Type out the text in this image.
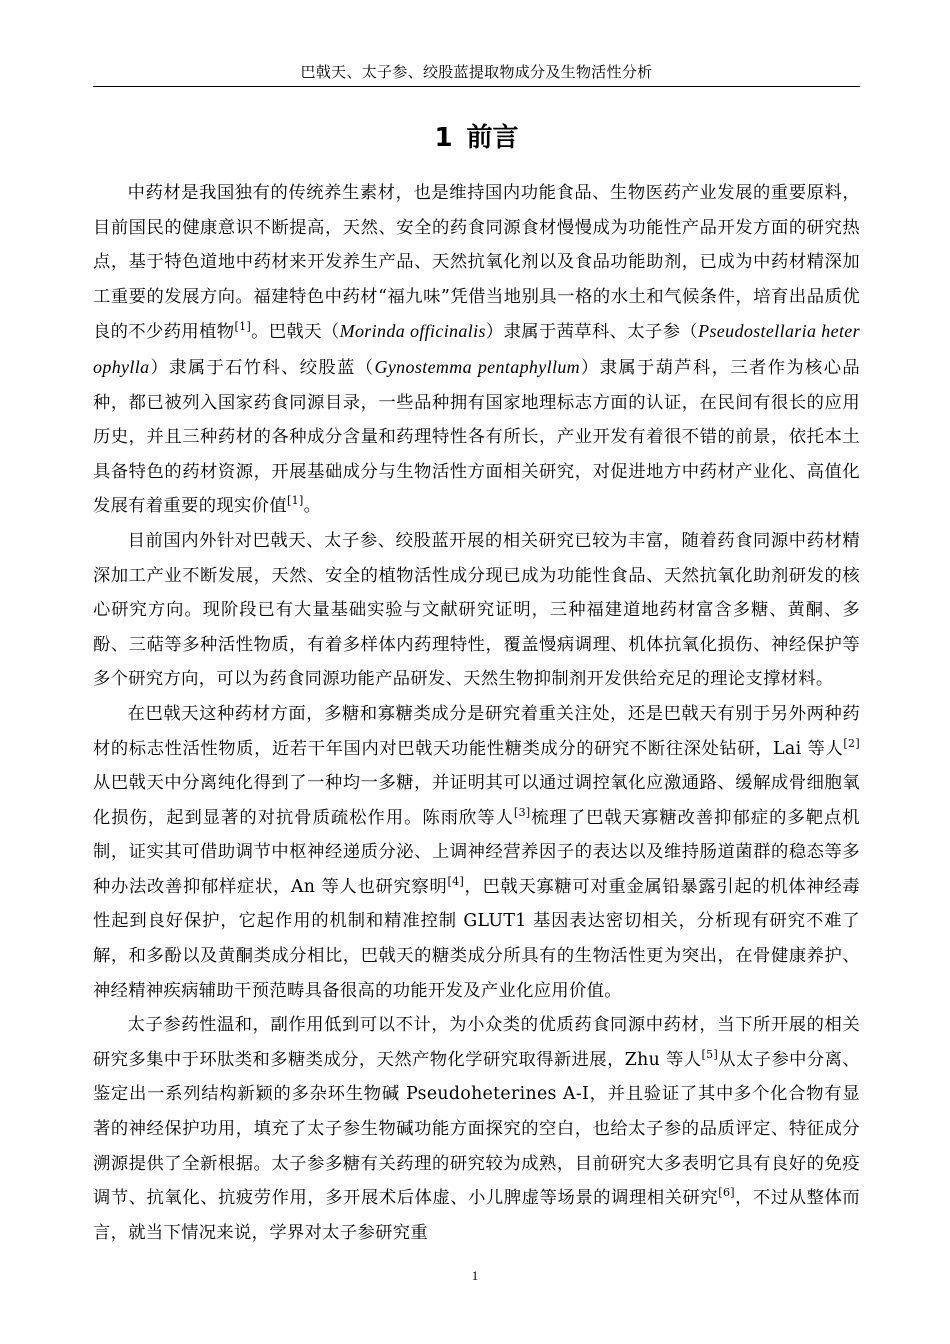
巴戟天、太子参、绞股蓝提取物成分及生物活性分析
1 前言

中药材是我国独有的传统养生素材，也是维持国内功能食品、生物医药产业发展的重要原料，目前国民的健康意识不断提高，天然、安全的药食同源食材慢慢成为功能性产品开发方面的研究热点，基于特色道地中药材来开发养生产品、天然抗氧化剂以及食品功能助剂，已成为中药材精深加工重要的发展方向。福建特色中药材“福九味”凭借当地别具一格的水土和气候条件，培育出品质优良的不少药用植物[1]。巴戟天（Morinda officinalis）隶属于茜草科、太子参（Pseudostellaria heterophylla）隶属于石竹科、绞股蓝（Gynostemma pentaphyllum）隶属于葫芦科，三者作为核心品种，都已被列入国家药食同源目录，一些品种拥有国家地理标志方面的认证，在民间有很长的应用历史，并且三种药材的各种成分含量和药理特性各有所长，产业开发有着很不错的前景，依托本土具备特色的药材资源，开展基础成分与生物活性方面相关研究，对促进地方中药材产业化、高值化发展有着重要的现实价值[1]。

目前国内外针对巴戟天、太子参、绞股蓝开展的相关研究已较为丰富，随着药食同源中药材精深加工产业不断发展，天然、安全的植物活性成分现已成为功能性食品、天然抗氧化助剂研发的核心研究方向。现阶段已有大量基础实验与文献研究证明，三种福建道地药材富含多糖、黄酮、多酚、三萜等多种活性物质，有着多样体内药理特性，覆盖慢病调理、机体抗氧化损伤、神经保护等多个研究方向，可以为药食同源功能产品研发、天然生物抑制剂开发供给充足的理论支撑材料。

在巴戟天这种药材方面，多糖和寡糖类成分是研究着重关注处，还是巴戟天有别于另外两种药材的标志性活性物质，近若干年国内对巴戟天功能性糖类成分的研究不断往深处钻研，Lai 等人[2]从巴戟天中分离纯化得到了一种均一多糖，并证明其可以通过调控氧化应激通路、缓解成骨细胞氧化损伤，起到显著的对抗骨质疏松作用。陈雨欣等人[3]梳理了巴戟天寡糖改善抑郁症的多靶点机制，证实其可借助调节中枢神经递质分泌、上调神经营养因子的表达以及维持肠道菌群的稳态等多种办法改善抑郁样症状，An 等人也研究察明[4]，巴戟天寡糖可对重金属铅暴露引起的机体神经毒性起到良好保护，它起作用的机制和精准控制 GLUT1 基因表达密切相关，分析现有研究不难了解，和多酚以及黄酮类成分相比，巴戟天的糖类成分所具有的生物活性更为突出，在骨健康养护、神经精神疾病辅助干预范畴具备很高的功能开发及产业化应用价值。

太子参药性温和，副作用低到可以不计，为小众类的优质药食同源中药材，当下所开展的相关研究多集中于环肽类和多糖类成分，天然产物化学研究取得新进展，Zhu 等人[5]从太子参中分离、鉴定出一系列结构新颖的多杂环生物碱 Pseudoheterines A-I，并且验证了其中多个化合物有显著的神经保护功用，填充了太子参生物碱功能方面探究的空白，也给太子参的品质评定、特征成分溯源提供了全新根据。太子参多糖有关药理的研究较为成熟，目前研究大多表明它具有良好的免疫调节、抗氧化、抗疲劳作用，多开展术后体虚、小儿脾虚等场景的调理相关研究[6]，不过从整体而言，就当下情况来说，学界对太子参研究重

1
